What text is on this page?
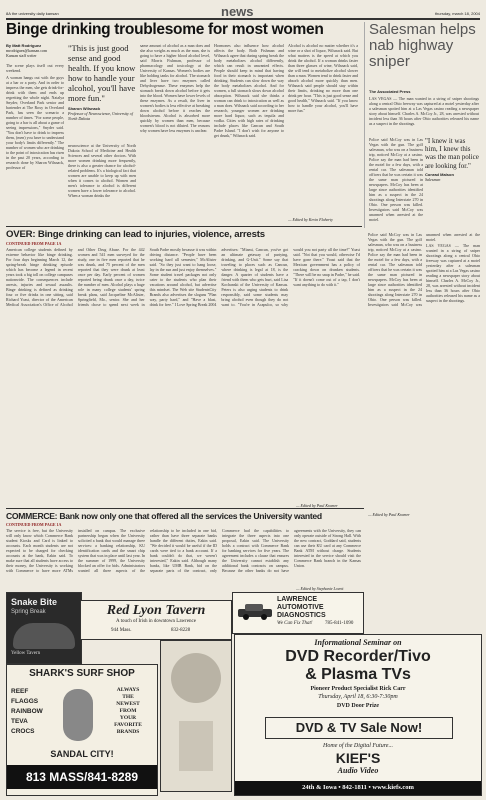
8A the university daily kansan	news	thursday, march 18, 2004
Binge drinking troublesome for most women
By Matt Rodriguez
mrodriguez@kansan.com
Kansan staff writer

The scene plays itself out every weekend.

A woman hangs out with the guys at a bar or a party. And in order to impress the men, she gets drink-for-drink with them and ends up regretting the whole night. Natalya Snyder, Overland Park senior and bartender at The Roxy in Overland Park, has seen the scenario a number of times. "For some people, going to a bar is all about a game of seeing impressions," Snyder said. "You don't have to drink to impress them, (men) you have to understand your body's limits differently." The number of women who are drinking to the point of intoxication has risen in the past 20 years, according to research done by Sharon Wilsnack, professor of

"This is just good sense and good health. If you know how to handle your alcohol, you'll have more fun."
Sharon Wilsnack
Professor of Neuroscience, University of North Dakota

neuroscience at the University of North Dakota School of Medicine and Health Sciences and several other doctors. With more women drinking more frequently, there is also a greater chance for alcohol-related problems. It's a biological fact that women are unable to keep up with men when it comes to alcohol. Women and men's tolerance to alcohol is different women have a lower tolerance to alcohol. When a woman drinks the

same amount of alcohol as a man does and she also weighs as much as the man, she is going to have a higher blood alcohol level, said Morris Fishman, professor of pharmacology and toxicology at the University of Kansas. Women's bodies are like holding tanks for alcohol. The stomach and liver have two enzymes called Dehydrogenase. These enzymes help the stomach break down alcohol before it gets into the blood. Women have lower levels of these enzymes. As a result, the liver in women's bodies is less effective at breaking down alcohol before it reaches the bloodstream. Alcohol is absorbed more quickly by women than men, because women's blood is not diluted. The reasons why women have less enzymes is unclear.

Hormones also influence how alcohol affects the body. Both Fishman and Wilsnack agree that during spring break the body metabolizes alcohol differently, which can result in unwanted effects. People should keep in mind that having food in their stomach is important when drinking. Students can slow down the way the body metabolizes alcohol. And for women, a full stomach slows down alcohol absorption. Wilsnack said she thinks a woman can drink to intoxication as well as a man does. Wilsnack said according to her research, younger women are drinking more hard liquor, such as tequila and vodka. Cities with high rates of drinking include places like Cancun and South Padre Island. "I don't wish for anyone to get drunk," Wilsnack said.

Alcohol is alcohol no matter whether it's a wine or a shot of liquor, Wilsnack said. But what matters is the speed at which you drink the alcohol. If a woman drinks faster than three glasses of wine, Wilsnack said, she will tend to metabolize alcohol slower than a man. Women tend to drink faster and absorb alcohol more quickly than men. Wilsnack said people should stay within their limits, drinking no more than one drink per hour. "This is just good sense and good health," Wilsnack said. "If you know how to handle your alcohol, you'll have more fun."

— Edited by Kevin Flaherty
Salesman helps nab highway sniper
The Associated Press

LAS VEGAS — The man wanted in a string of sniper shootings along a central Ohio freeway was captured at a motel yesterday after a salesman spotted him at a Las Vegas casino reading a newspaper story about himself. Charles A. McCoy Jr., 28, was arrested without incident less than 36 hours after Ohio authorities released his name as a suspect in the shootings.

Police said McCoy was in Las Vegas with the gun. The golf salesman, who was on a business trip, noticed McCoy at a casino. Police say the man had been in the motel for a few days, with a rental car. The salesman told officers that he was certain it was the same man pictured in newspapers. McCoy has been at large since authorities identified him as a suspect in the 24 shootings along Interstate 270 in Ohio. One person was killed. Investigators said McCoy was unarmed when arrested at the motel.

"I knew it was him, I knew this was the man police are looking for."
Conrad Malson
Salesman
OVER: Binge drinking can lead to injuries, violence, arrests
CONTINUED FROM PAGE 1A

American college students defined by extreme behavior like binge drinking. For four days beginning March 12, the spring-break binge drinking episode which has become a legend in recent years took a big toll on college campuses nationwide. The consequences include arrests, injuries and sexual assaults. Binge drinking is defined as drinking four or five drinks in one sitting, said Richard Yoast, director of the American Medical Association's Office of Alcohol and Other Drug Abuse. For the 442 women and 541 men surveyed for the study, one in five men reported that he was drunk, and 75 percent of the men reported that they were drunk at least once per day. Early percent of women reported being drunk once a day, twice the number of men. Alcohol plays a huge role in many college students' spring break plans, said Jacqueline McAlister, Springfield, Mo., senior. She and her friends chose to spend next week in South Padre mostly because it was within driving distance. "People have been working hard all semester," McAlister said. "So they just want to hang loose, lay in the sun and just enjoy themselves." Some student travel packages not only cater to the students who plan their vacations around alcohol, but advertise this mindset. The Web site StudentsCity Brands also advertises the slogans "Plan way, party hard," and "Have a blast, drink for free." I Love Spring Break 2004 advertises: "Miami, Cancun, you've got an ultimate getaway of partying, drinking, and G-Unit." Some say that traveling to places such as Cancun, where drinking is legal at 18, is the danger. A quarter of students have a friend with them who gets hurt, said Lisa Kochanski of the University of Kansas. Peters is also urging students to drink responsibly, said some students may bring alcohol even though they do not want to. "You're in Acapulco, so why would you not party all the time?" Yoast said. "Not that you would, otherwise I'd have gone there." Yoast said that the Mexican government has a policy of cracking down on drunken students. "There will be no snap in Padre," he said. "If it doesn't come out of a tap, I don't want anything to do with it."

— Edited by Paul Kramer

Police said McCoy was in Las Vegas with the gun. The golf salesman, who was on a business trip, noticed McCoy at a casino. Police say the man had been in the motel for a few days, with a rental car. The salesman told officers that he was certain it was the same man pictured in newspapers. McCoy has been at large since authorities identified him as a suspect in the 24 shootings along Interstate 270 in Ohio. One person was killed. Investigators said McCoy was unarmed when arrested at the motel.

LAS VEGAS — The man wanted in a string of sniper shootings along a central Ohio freeway was captured at a motel yesterday after a salesman spotted him at a Las Vegas casino reading a newspaper story about himself. Charles A. McCoy Jr., 28, was arrested without incident less than 36 hours after Ohio authorities released his name as a suspect in the shootings.

— Edited by Paul Kramer
COMMERCE: Bank now only one that offered all the services the University wanted
CONTINUED FROM PAGE 1A

The service is free, but the University will only know which Commerce Bank student Kiosks and Card is linked to accounts. Each month students are not expected to be charged for checking accounts at the bank, Eakin said. To make sure that all students have access to their money, the University is working with Commerce to have more ATMs installed on campus. The exclusive partnership began when the University solicited a bank that would manage three services: a banking relationship, KU identification cards and the smart chip system that was in place until last year. In the summer of 1999, the University blocked an offer for bids. Administrators wanted all three aspects of the relationship to be included in one bid, rather than have three separate banks handle the different duties, Eakin said. "We decided it would be useful if the ID cards were tied to a bank account. If a bank couldn't do that, we weren't interested," Eakin said. Although many banks, like UMB Bank, bid on the separate parts of the contract, only Commerce had the capabilities to integrate the three aspects into one proposal, Eakin said. The University holds a contract with Commerce Bank for banking services for five years. The agreement includes a clause that ensures the University cannot establish any additional bank contracts on campus. Because the other banks do not have agreements with the University, they can only operate outside of Strong Hall. With the new contract, Goddard said, students can use their KU card at any Commerce Bank ATM without charge. Students interested in the service should visit the Commerce Bank branch in the Kansas Union.

— Edited by Stephanie Lovett
Snake Bite
Spring Break
Yellow Tavern
Red Lyon Tavern
A touch of Irish in downtown Lawrence
944 Mass.	832-8228
LAWRENCE
AUTOMOTIVE
DIAGNOSTICS
We Can Fix That! 785-841-1090
SHARK'S SURF SHOP
REEF
FLAGGS
RAINBOW
TEVA
CROCS
ALWAYS
THE
NEWEST
FROM
YOUR
FAVORITE
BRANDS
SANDAL CITY!
813 MASS/841-8289
Informational Seminar on
DVD Recorder/Tivo
& Plasma TVs
Pioneer Product Specialist Rick Carr
Thursday, April 18, 6:30-7:30pm
DVD Door Prize
DVD & TV Sale Now!
Home of the Digital Future...
KIEF'S
Audio Video
24th & Iowa • 842-1811 • www.kiefs.com
